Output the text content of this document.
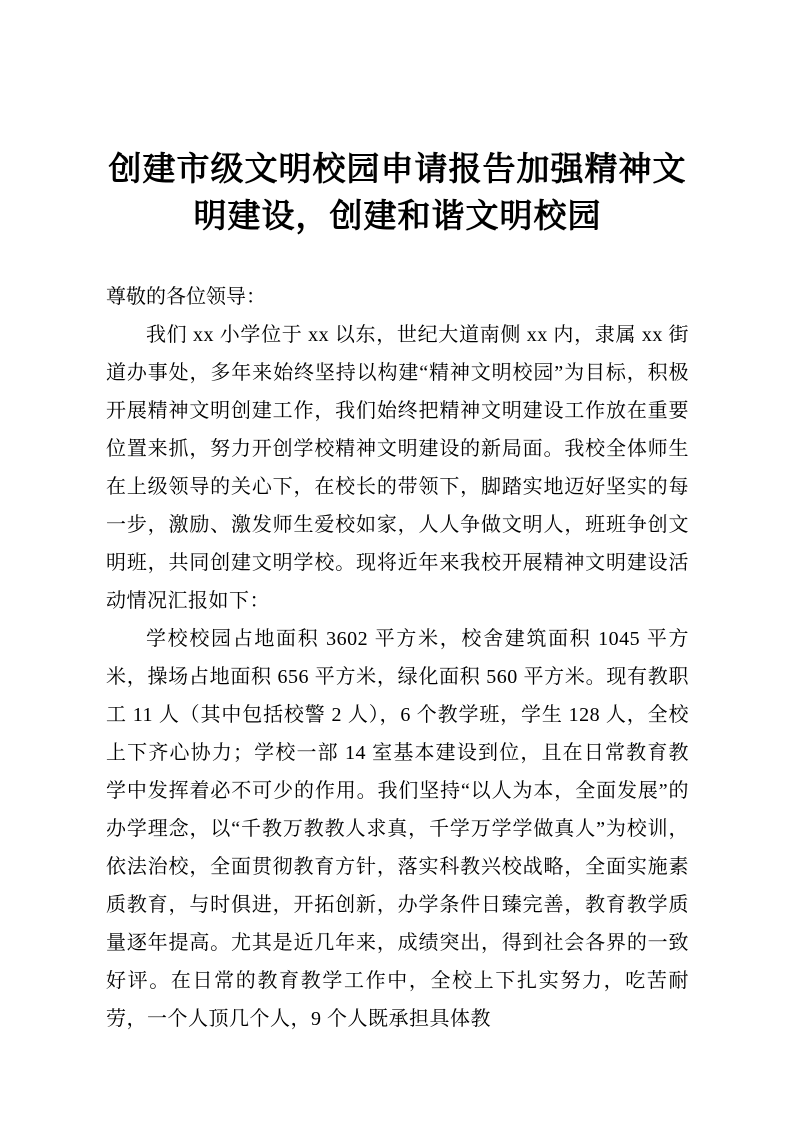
创建市级文明校园申请报告加强精神文明建设，创建和谐文明校园

尊敬的各位领导：

我们 xx 小学位于 xx 以东，世纪大道南侧 xx 内，隶属 xx 街道办事处，多年来始终坚持以构建“精神文明校园”为目标，积极开展精神文明创建工作，我们始终把精神文明建设工作放在重要位置来抓，努力开创学校精神文明建设的新局面。我校全体师生在上级领导的关心下，在校长的带领下，脚踏实地迈好坚实的每一步，激励、激发师生爱校如家，人人争做文明人，班班争创文明班，共同创建文明学校。现将近年来我校开展精神文明建设活动情况汇报如下：

学校校园占地面积 3602 平方米，校舍建筑面积 1045 平方米，操场占地面积 656 平方米，绿化面积 560 平方米。现有教职工 11 人（其中包括校警 2 人），6 个教学班，学生 128 人，全校上下齐心协力；学校一部 14 室基本建设到位，且在日常教育教学中发挥着必不可少的作用。我们坚持“以人为本，全面发展”的办学理念，以“千教万教教人求真，千学万学学做真人”为校训，依法治校，全面贯彻教育方针，落实科教兴校战略，全面实施素质教育，与时俱进，开拓创新，办学条件日臻完善，教育教学质量逐年提高。尤其是近几年来，成绩突出，得到社会各界的一致好评。在日常的教育教学工作中，全校上下扎实努力，吃苦耐劳，一个人顶几个人，9 个人既承担具体教
